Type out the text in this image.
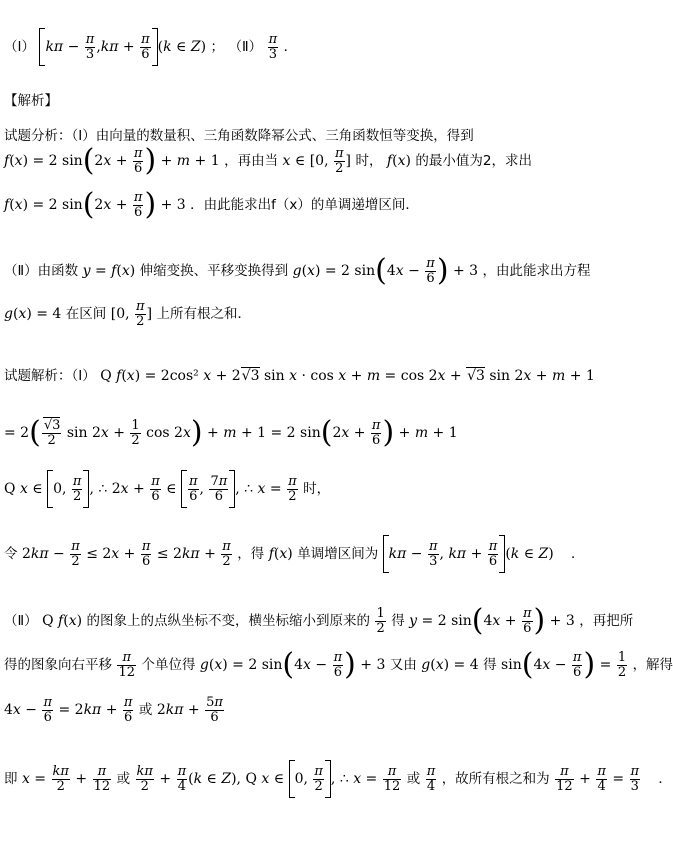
（Ⅰ） $k\pi - \frac{\pi}{3} ,k\pi + \frac{\pi}{6} (k$ ∈ Z) ； （Ⅱ） $\frac{\pi}{3}$ ．
【解析】
试题分析：（Ⅰ）由向量的数量积、三角函数降幂公式、三角函数恒等变换，得到
f(x) = 2 $\sin(2x + \frac{\pi}{6}$ ) + m + 1 ，再由当 x ∈ [0, $\frac{\pi}{2}$ ] 时， f(x) 的最小值为2，求出
f(x) = 2 $\sin(2x + \frac{\pi}{6}$ ) + 3 ．由此能求出f（x）的单调递增区间．
（Ⅱ）由函数 y = f(x) 伸缩变换、平移变换得到 g(x) = 2 $\sin(4x - \frac{\pi}{6}$ ) + 3 ，由此能求出方程
g(x) = 4 在区间 [0, $\frac{\pi}{2}$ ] 上所有根之和．
试题解析：（Ⅰ） Q f(x) = 2cos² x + 2√3 sin x · cos x + m = cos 2x + √3 sin 2x + m + 1
= $2( \frac{√3}{2}$ $\sin 2x + \frac{1}{2}$ cos 2x) + m + 1 = 2 $\sin(2x + \frac{\pi}{6}$ ) + m + 1
Q x ∈ 0, $\frac{\pi}{2}$ , ∴ $2x + \frac{\pi}{6}$ ∈ $\frac{\pi}{6}$ , $\frac{7\pi}{6}$ , ∴ $x = \frac{\pi}{2}$ 时，
令 $2k\pi - \frac{\pi}{2} \le 2x + \frac{\pi}{6} \le 2k\pi + \frac{\pi}{2}$ ，得 f(x) 单调增区间为 $k\pi - \frac{\pi}{3}$ , $k\pi + \frac{\pi}{6} (k$ ∈ Z)    ．
（Ⅱ） Q f(x) 的图象上的点纵坐标不变，横坐标缩小到原来的 $\frac{1}{2}$ 得 y = 2 $\sin(4x + \frac{\pi}{6}$ ) + 3 ，再把所
得的图象向右平移 $\frac{\pi}{12}$ 个单位得 g(x) = 2 $\sin(4x - \frac{\pi}{6}$ ) + 3 又由 g(x) = 4 得 $\sin(4x - \frac{\pi}{6}$ ) = $\frac{1}{2}$ ，解得
$4x - \frac{\pi}{6} = 2k\pi + \frac{\pi}{6}$ 或 $2k\pi + \frac{5\pi}{6}$
即 $x = \frac{k\pi}{2} + \frac{\pi}{12}$ 或 $\frac{k\pi}{2} + \frac{\pi}{4} (k$ ∈ Z), Q x ∈ 0, $\frac{\pi}{2}$ , ∴ $x = \frac{\pi}{12}$ 或 $\frac{\pi}{4}$ ，故所有根之和为 $\frac{\pi}{12} + \frac{\pi}{4} = \frac{\pi}{3}$ ．
